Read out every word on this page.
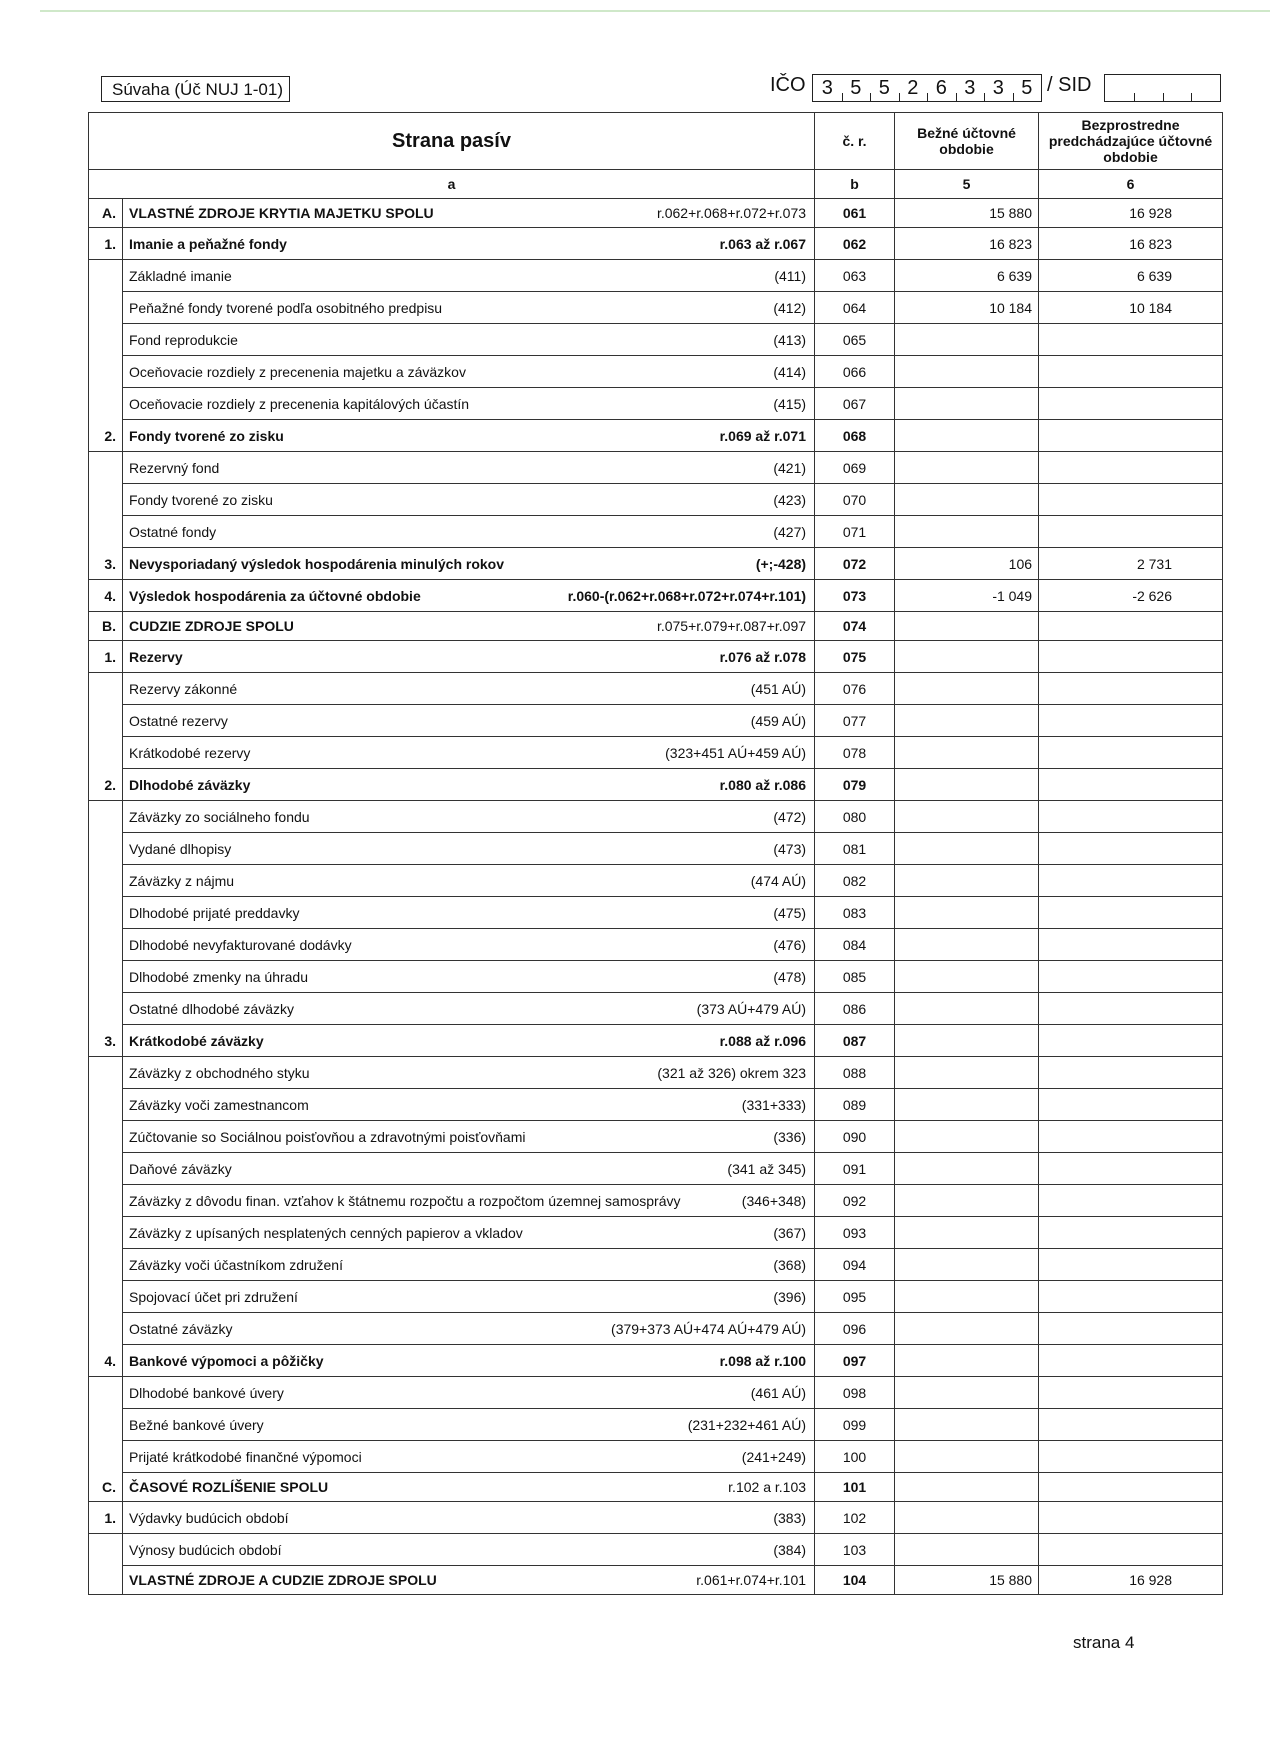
Súvaha (Úč NUJ 1-01)	IČO 3 5 5 2 6 3 3 5 / SID
Strana pasív		č. r.	Bežné účtovné obdobie	Bezprostredne predchádzajúce účtovné obdobie
a		b	5	6
A.	VLASTNÉ ZDROJE KRYTIA MAJETKU SPOLU r.062+r.068+r.072+r.073	061	15 880	16 928
1.	Imanie a peňažné fondy r.063 až r.067	062	16 823	16 823

	Základné imanie (411)	063	6 639	6 639

	Peňažné fondy tvorené podľa osobitného predpisu (412)	064	10 184	10 184

	Fond reprodukcie (413)	065		

	Oceňovacie rozdiely z precenenia majetku a záväzkov (414)	066		

	Oceňovacie rozdiely z precenenia kapitálových účastín (415)	067		
2.	Fondy tvorené zo zisku r.069 až r.071	068		

	Rezervný fond (421)	069		

	Fondy tvorené zo zisku (423)	070		

	Ostatné fondy (427)	071		
3.	Nevysporiadaný výsledok hospodárenia minulých rokov (+;-428)	072	106	2 731
4.	Výsledok hospodárenia za účtovné obdobie r.060-(r.062+r.068+r.072+r.074+r.101)	073	-1 049	-2 626
B.	CUDZIE ZDROJE SPOLU r.075+r.079+r.087+r.097	074		
1.	Rezervy r.076 až r.078	075		

	Rezervy zákonné (451 AÚ)	076		

	Ostatné rezervy (459 AÚ)	077		

	Krátkodobé rezervy (323+451 AÚ+459 AÚ)	078		
2.	Dlhodobé záväzky r.080 až r.086	079		

	Záväzky zo sociálneho fondu (472)	080		

	Vydané dlhopisy (473)	081		

	Záväzky z nájmu (474 AÚ)	082		

	Dlhodobé prijaté preddavky (475)	083		

	Dlhodobé nevyfakturované dodávky (476)	084		

	Dlhodobé zmenky na úhradu (478)	085		

	Ostatné dlhodobé záväzky (373 AÚ+479 AÚ)	086		
3.	Krátkodobé záväzky r.088 až r.096	087		

	Záväzky z obchodného styku (321 až 326) okrem 323	088		

	Záväzky voči zamestnancom (331+333)	089		

	Zúčtovanie so Sociálnou poisťovňou a zdravotnými poisťovňami (336)	090		

	Daňové záväzky (341 až 345)	091		

	Záväzky z dôvodu finan. vzťahov k štátnemu rozpočtu a rozpočtom územnej samosprávy (346+348)	092		

	Záväzky z upísaných nesplatených cenných papierov a vkladov (367)	093		

	Záväzky voči účastníkom združení (368)	094		

	Spojovací účet pri združení (396)	095		

	Ostatné záväzky (379+373 AÚ+474 AÚ+479 AÚ)	096		
4.	Bankové výpomoci a pôžičky r.098 až r.100	097		

	Dlhodobé bankové úvery (461 AÚ)	098		

	Bežné bankové úvery (231+232+461 AÚ)	099		

	Prijaté krátkodobé finančné výpomoci (241+249)	100		
C.	ČASOVÉ ROZLÍŠENIE SPOLU r.102 a r.103	101		
1.	Výdavky budúcich období (383)	102		

	Výnosy budúcich období (384)	103		

	VLASTNÉ ZDROJE A CUDZIE ZDROJE SPOLU r.061+r.074+r.101	104	15 880	16 928
strana 4
